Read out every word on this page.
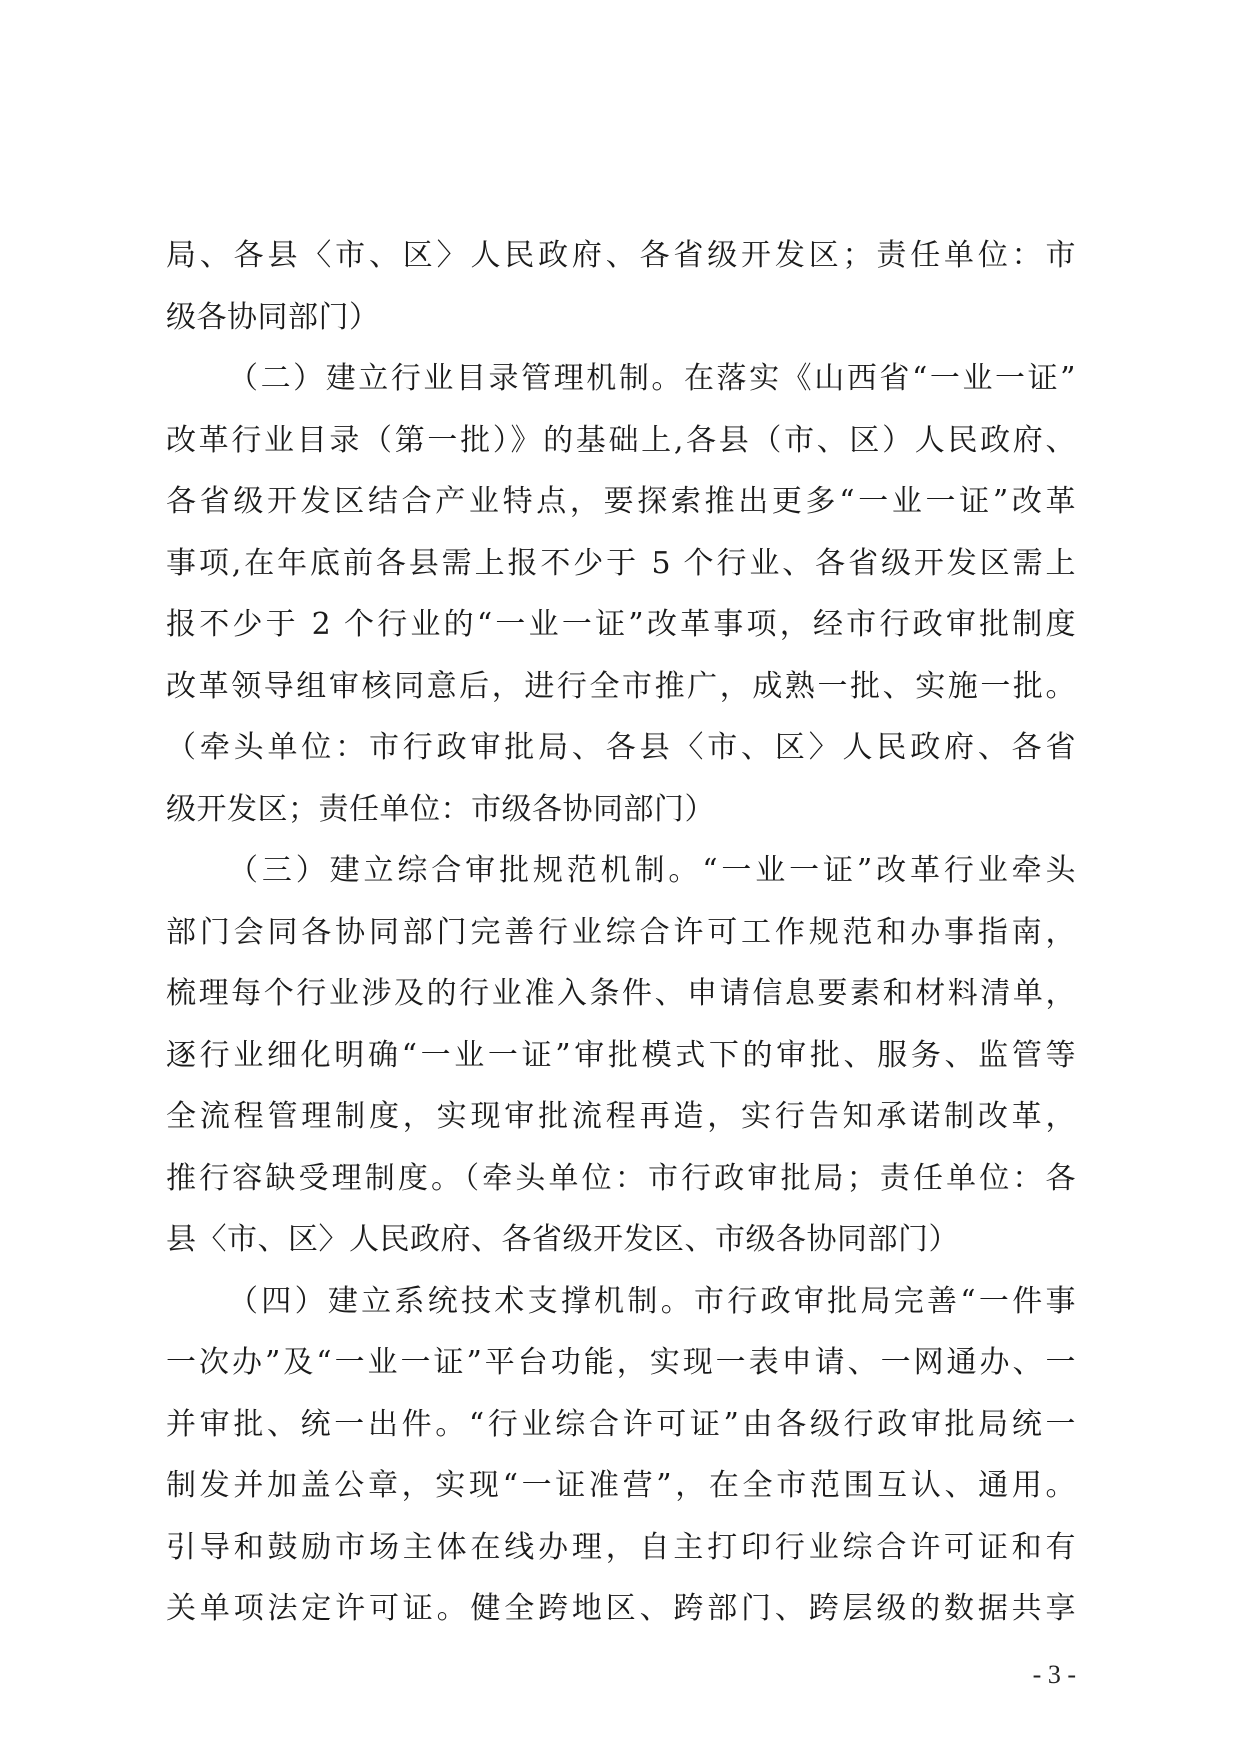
局、各县〈市、区〉人民政府、各省级开发区；责任单位：市
级各协同部门）
（二）建立行业目录管理机制。在落实《山西省“一业一证”
改革行业目录（第一批）》的基础上,各县（市、区）人民政府、
各省级开发区结合产业特点，要探索推出更多“一业一证”改革
事项,在年底前各县需上报不少于 5 个行业、各省级开发区需上
报不少于 2 个行业的“一业一证”改革事项，经市行政审批制度
改革领导组审核同意后，进行全市推广，成熟一批、实施一批。
（牵头单位：市行政审批局、各县〈市、区〉人民政府、各省
级开发区；责任单位：市级各协同部门）
（三）建立综合审批规范机制。“一业一证”改革行业牵头
部门会同各协同部门完善行业综合许可工作规范和办事指南，
梳理每个行业涉及的行业准入条件、申请信息要素和材料清单，
逐行业细化明确“一业一证”审批模式下的审批、服务、监管等
全流程管理制度，实现审批流程再造，实行告知承诺制改革，
推行容缺受理制度。（牵头单位：市行政审批局；责任单位：各
县〈市、区〉人民政府、各省级开发区、市级各协同部门）
（四）建立系统技术支撑机制。市行政审批局完善“一件事
一次办”及“一业一证”平台功能，实现一表申请、一网通办、一
并审批、统一出件。“行业综合许可证”由各级行政审批局统一
制发并加盖公章，实现“一证准营”，在全市范围互认、通用。
引导和鼓励市场主体在线办理，自主打印行业综合许可证和有
关单项法定许可证。健全跨地区、跨部门、跨层级的数据共享
- 3 -
